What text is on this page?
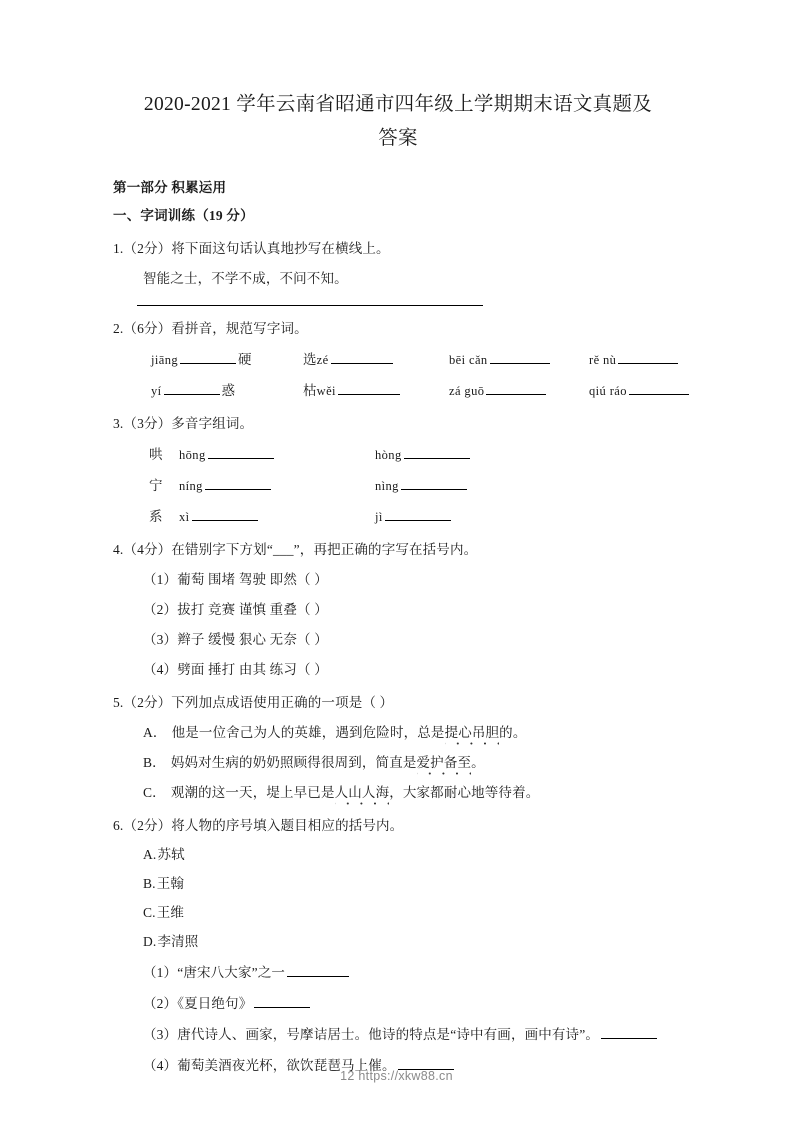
2020-2021 学年云南省昭通市四年级上学期期末语文真题及
答案
第一部分 积累运用
一、字词训练（19 分）
1.（2分）将下面这句话认真地抄写在横线上。
智能之士，不学不成，不问不知。
2.（6分）看拼音，规范写字词。
jiāng	硬	选zé	bēi cǎn	rě nù
yí	惑	枯wěi	zá guō	qiú ráo
3.（3分）多音字组词。
哄 hōng	hòng
宁 níng	nìng
系 xì	jì
4.（4分）在错别字下方划“___”，再把正确的字写在括号内。
（1）葡萄 围堵 驾驶 即然（ ）
（2）拔打 竞赛 谨慎 重叠（ ）
（3）辫子 缓慢 狠心 无奈（ ）
（4）劈面 捶打 由其 练习（ ）
5.（2分）下列加点成语使用正确的一项是（ ）
A． 他是一位舍己为人的英雄，遇到危险时，总是提心吊胆的。
B． 妈妈对生病的奶奶照顾得很周到，简直是爱护备至。
C． 观潮的这一天，堤上早已是人山人海，大家都耐心地等待着。
6.（2分）将人物的序号填入题目相应的括号内。
A.苏轼
B.王翰
C.王维
D.李清照
（1）“唐宋八大家”之一
（2）《夏日绝句》
（3）唐代诗人、画家，号摩诘居士。他诗的特点是“诗中有画，画中有诗”。
（4）葡萄美酒夜光杯，欲饮琵琶马上催。
12 https://xkw88.cn
